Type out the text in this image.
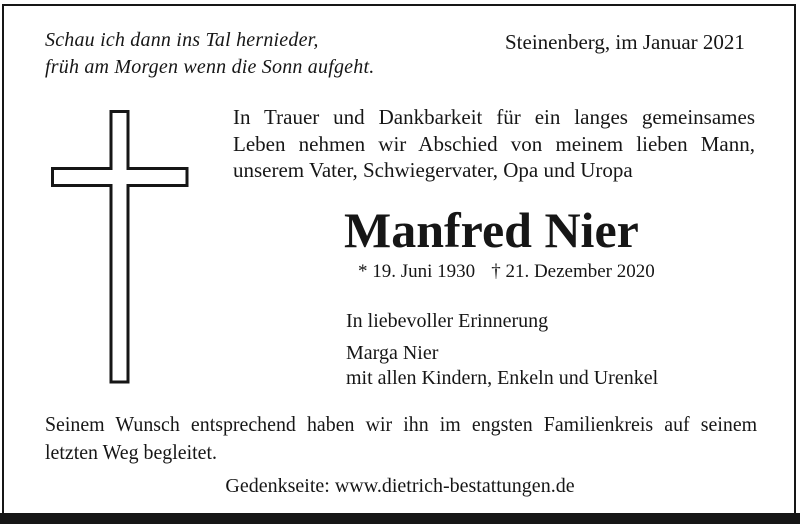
Schau ich dann ins Tal hernieder,
früh am Morgen wenn die Sonn aufgeht.
Steinenberg, im Januar 2021
In Trauer und Dankbarkeit für ein langes gemeinsames
Leben nehmen wir Abschied von meinem lieben Mann,
unserem Vater, Schwiegervater, Opa und Uropa
Manfred Nier
* 19. Juni 1930 † 21. Dezember 2020
In liebevoller Erinnerung
Marga Nier
mit allen Kindern, Enkeln und Urenkel
Seinem Wunsch entsprechend haben wir ihn im engsten Familienkreis auf seinem
letzten Weg begleitet.
Gedenkseite: www.dietrich-bestattungen.de
